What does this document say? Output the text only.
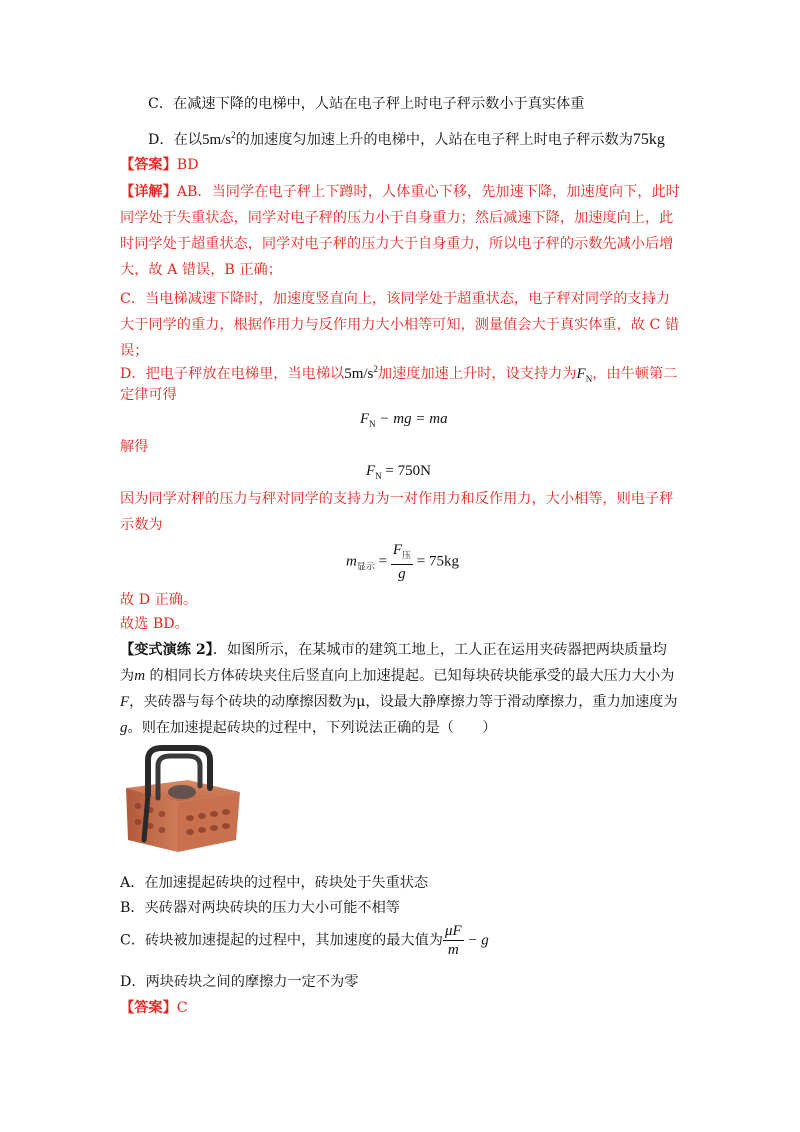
C．在减速下降的电梯中，人站在电子秤上时电子秤示数小于真实体重
D．在以$5m/s^2$的加速度匀加速上升的电梯中，人站在电子秤上时电子秤示数为75kg
【答案】BD
【详解】AB．当同学在电子秤上下蹲时，人体重心下移，先加速下降，加速度向下，此时
同学处于失重状态，同学对电子秤的压力小于自身重力；然后减速下降，加速度向上，此
时同学处于超重状态，同学对电子秤的压力大于自身重力，所以电子秤的示数先减小后增
大，故 A 错误，B 正确；
C．当电梯减速下降时，加速度竖直向上，该同学处于超重状态，电子秤对同学的支持力
大于同学的重力，根据作用力与反作用力大小相等可知，测量值会大于真实体重，故 C 错
误；
D．把电子秤放在电梯里，当电梯以$5m/s^2$加速度加速上升时，设支持力为$F_N$，由牛顿第二
定律可得
$F_N$ − mg = ma
解得
$F_N = 750N$
因为同学对秤的压力与秤对同学的支持力为一对作用力和反作用力，大小相等，则电子秤
示数为
$m_{显示} = \frac{F_压}{g} = 75kg$
故 D 正确。
故选 BD。
【变式演练 2】．如图所示，在某城市的建筑工地上，工人正在运用夹砖器把两块质量均
为m 的相同长方体砖块夹住后竖直向上加速提起。已知每块砖块能承受的最大压力大小为
F，夹砖器与每个砖块的动摩擦因数为μ，设最大静摩擦力等于滑动摩擦力，重力加速度为
g。则在加速提起砖块的过程中，下列说法正确的是（　　）
A．在加速提起砖块的过程中，砖块处于失重状态
B．夹砖器对两块砖块的压力大小可能不相等
C．砖块被加速提起的过程中，其加速度的最大值为 $\frac{\mu F}{m} - g$
D．两块砖块之间的摩擦力一定不为零
【答案】C
